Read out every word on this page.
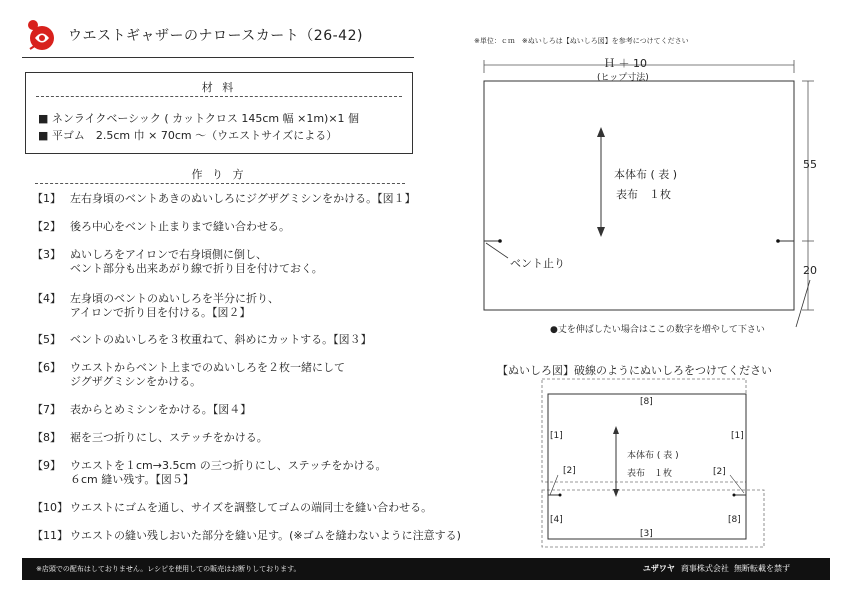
ウエストギャザーのナロースカート（26-42)
材 料
■ ネンライクベーシック ( カットクロス 145cm 幅 ×1m)×1 個
■ 平ゴム　2.5cm 巾 × 70cm ～（ウエストサイズによる）
作 り 方
【1】 左右身頃のベントあきのぬいしろにジグザグミシンをかける。【図１】
【2】 後ろ中心をベント止まりまで縫い合わせる。
【3】 ぬいしろをアイロンで右身頃側に倒し、
ベント部分も出来あがり線で折り目を付けておく。
【4】 左身頃のベントのぬいしろを半分に折り、
アイロンで折り目を付ける。【図２】
【5】 ベントのぬいしろを３枚重ねて、斜めにカットする。【図３】
【6】 ウエストからベント上までのぬいしろを２枚一緒にして
ジグザグミシンをかける。
【7】 表からとめミシンをかける。【図４】
【8】 裾を三つ折りにし、ステッチをかける。
【9】 ウエストを１cm→3.5cm の三つ折りにし、ステッチをかける。
６cm 縫い残す。【図５】
【10】 ウエストにゴムを通し、サイズを調整してゴムの端同士を縫い合わせる。
【11】 ウエストの縫い残しおいた部分を縫い足す。(※ゴムを縫わないように注意する)
※単位：ｃｍ　※ぬいしろは【ぬいしろ図】を参考につけてください
Ｈ ＋ 10
(ヒップ寸法)
55
20
本体布 ( 表 )
表布　１枚
ベント止り
●丈を伸ばしたい場合はここの数字を増やして下さい
【ぬいしろ図】破線のようにぬいしろをつけてください
[8]
[1]	[1]
[2]	[2]
[4]	[8]
[3]
本体布 ( 表 )
表布　１枚
※店頭での配布はしておりません。レシピを使用しての販売はお断りしております。	ユザワヤ 商事株式会社 無断転載を禁ず
